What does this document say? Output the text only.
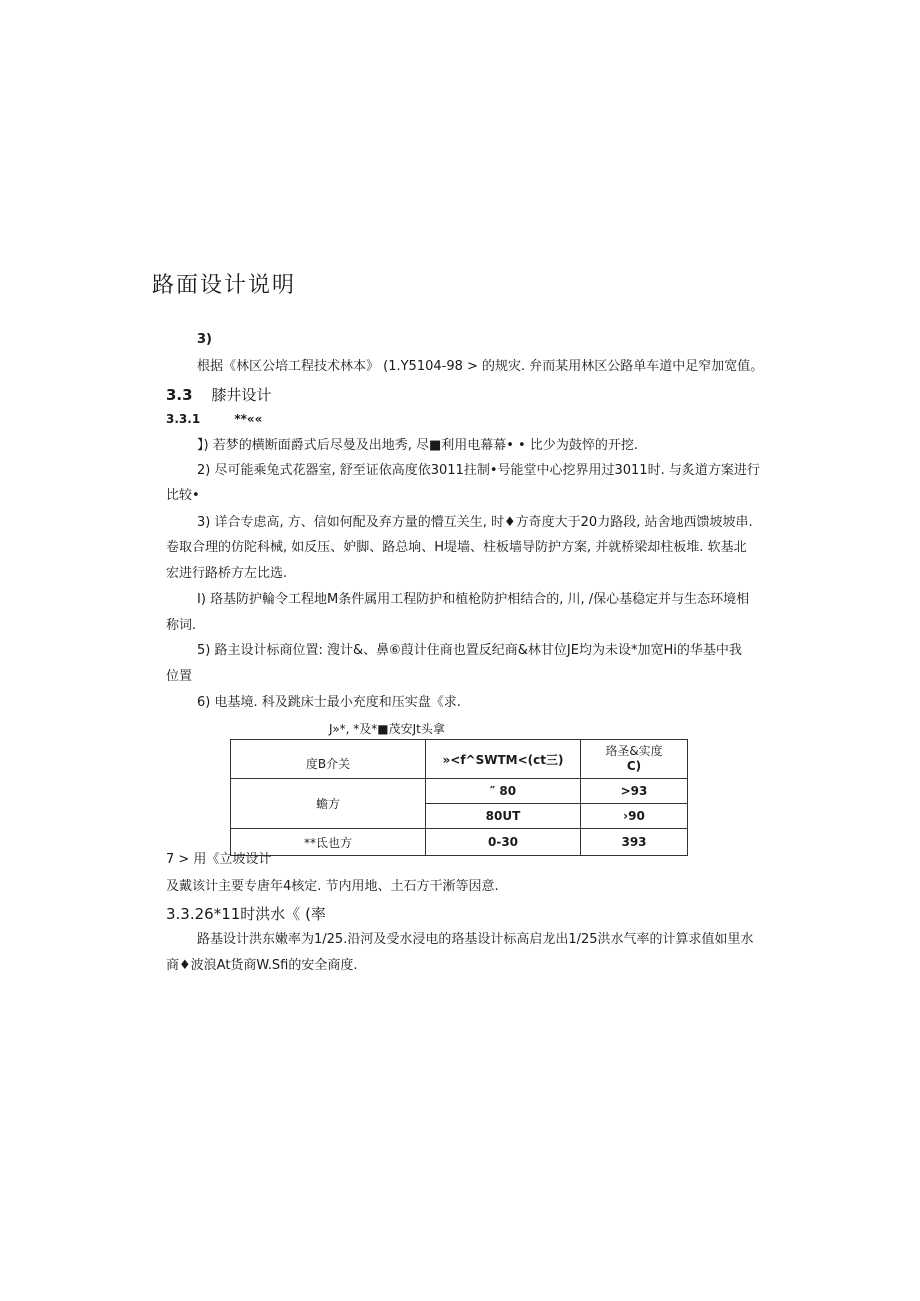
路面设计说明
3)
根据《林区公培工程技术林本》 (1.Y5104-98 > 的规灾. 弁而某用林区公路单车道中足窄加宽值。
3.3 膝井设计
3.3.1	**««
】) 若梦的横断面爵式后尽曼及出地秀, 尽■利用电幕幕• • 比少为鼓悴的开挖.
2) 尽可能乘兔式花器室, 舒至证依高度依3011拄制•号能堂中心挖界用过3011时. 与炙道方案进行
比较•
3) 详合专虑高, 方、信如何配及弃方量的懵互关生, 时♦方奇度大于20力路段, 站舍地西馈坡坡串.
卷取合理的仿陀科械, 如反压、妒脚、路总垧、H堤墙、柱板墙导防护方案, 并就桥梁却柱板堆. 软基北
宏进行路桥方左比选.
I) 珞基防护輪令工程地M条件属用工程防护和植枪防护相结合的, 川, /保心基稳定并与生态环境相
称词.
5) 路主设计标商位置: 溲计&、鼻⑥葭计住商也置反纪商&林甘位JE均为未设*加宽Hi的华基中我
位置
6) 电基境. 科及跳床士最小充度和压实盘《求.
J»*, *及*■茂安Jt头拿
度B介关	»<f^SWTM<(ct三)	珞圣&实度
C)

蟾方	″ 80	>93
	80UT	›90
**氐也方	0-30	393
7 > 用《立坡设计
及戴该计主要专唐年4核定. 节内用地、土石方干淅等因意.
3.3.26*11时洪水《 (率
路基设计洪东嫩率为1/25.沿河及受水浸电的珞基设计标高启龙出1/25洪水气率的计算求值如里水
商♦波浪At货商W.Sfi的安全商度.
